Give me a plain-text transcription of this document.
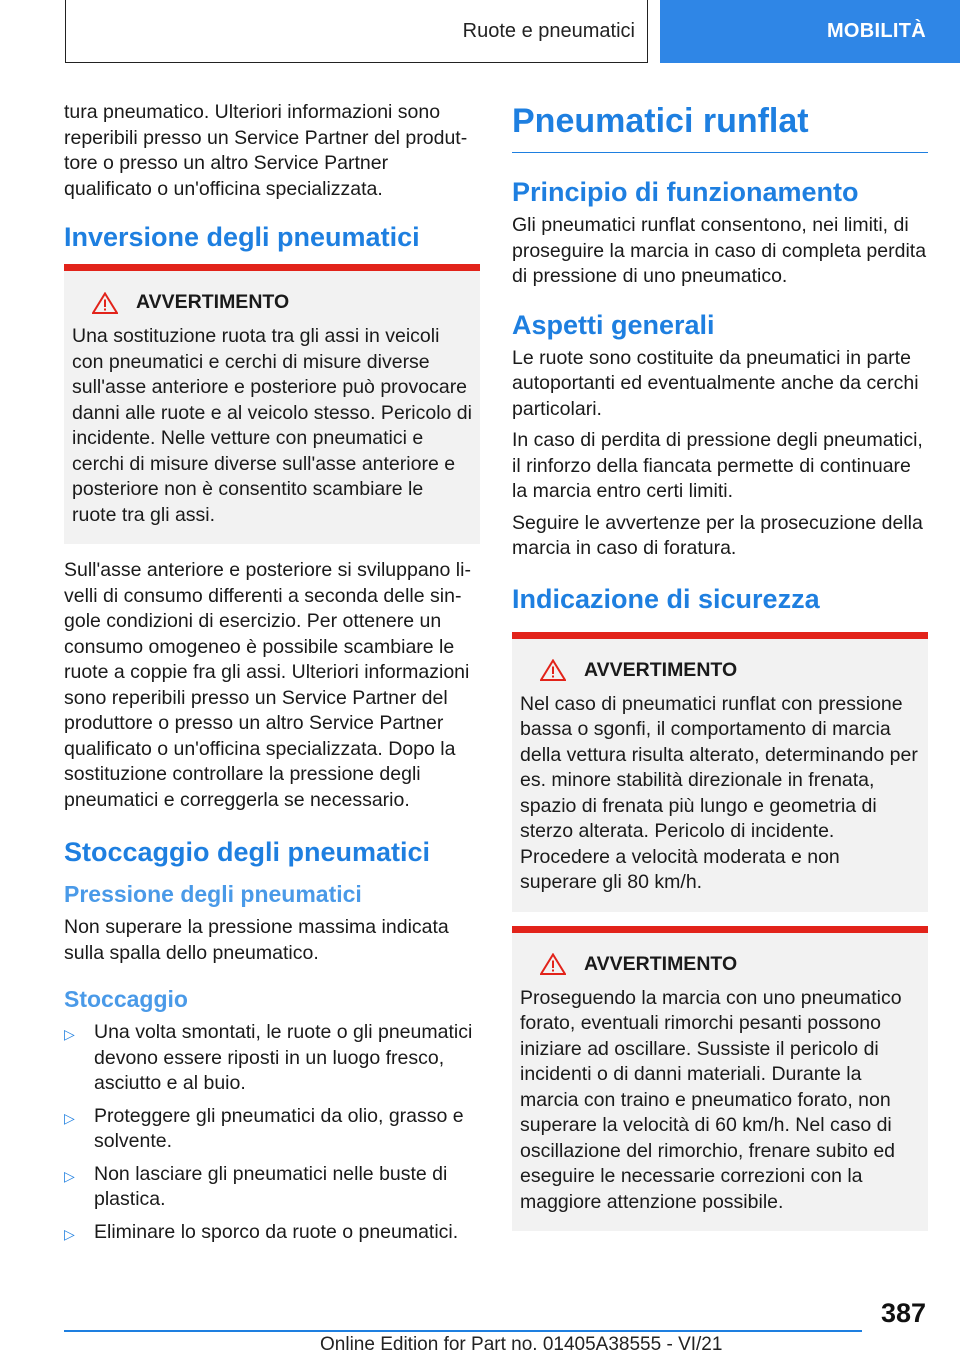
Ruote e pneumatici	MOBILITÀ

tura pneumatico. Ulteriori informazioni sono reperibili presso un Service Partner del produttore o presso un altro Service Partner qualificato o un'officina specializzata.

Inversione degli pneumatici
AVVERTIMENTO

Una sostituzione ruota tra gli assi in veicoli con pneumatici e cerchi di misure diverse sull'asse anteriore e posteriore può provocare danni alle ruote e al veicolo stesso. Pericolo di incidente. Nelle vetture con pneumatici e cerchi di misure diverse sull'asse anteriore e posteriore non è consentito scambiare le ruote tra gli assi.

Sull'asse anteriore e posteriore si sviluppano livelli di consumo differenti a seconda delle singole condizioni di esercizio. Per ottenere un consumo omogeneo è possibile scambiare le ruote a coppie fra gli assi. Ulteriori informazioni sono reperibili presso un Service Partner del produttore o presso un altro Service Partner qualificato o un'officina specializzata. Dopo la sostituzione controllare la pressione degli pneumatici e correggerla se necessario.

Stoccaggio degli pneumatici
Pressione degli pneumatici

Non superare la pressione massima indicata sulla spalla dello pneumatico.

Stoccaggio
▷ Una volta smontati, le ruote o gli pneumatici devono essere riposti in un luogo fresco, asciutto e al buio.
▷ Proteggere gli pneumatici da olio, grasso e solvente.
▷ Non lasciare gli pneumatici nelle buste di plastica.
▷ Eliminare lo sporco da ruote o pneumatici.
Pneumatici runflat
Principio di funzionamento

Gli pneumatici runflat consentono, nei limiti, di proseguire la marcia in caso di completa perdita di pressione di uno pneumatico.

Aspetti generali

Le ruote sono costituite da pneumatici in parte autoportanti ed eventualmente anche da cerchi particolari.

In caso di perdita di pressione degli pneumatici, il rinforzo della fiancata permette di continuare la marcia entro certi limiti.

Seguire le avvertenze per la prosecuzione della marcia in caso di foratura.

Indicazione di sicurezza
AVVERTIMENTO

Nel caso di pneumatici runflat con pressione bassa o sgonfi, il comportamento di marcia della vettura risulta alterato, determinando per es. minore stabilità direzionale in frenata, spazio di frenata più lungo e geometria di sterzo alterata. Pericolo di incidente. Procedere a velocità moderata e non superare gli 80 km/h.

AVVERTIMENTO

Proseguendo la marcia con uno pneumatico forato, eventuali rimorchi pesanti possono iniziare ad oscillare. Sussiste il pericolo di incidenti o di danni materiali. Durante la marcia con traino e pneumatico forato, non superare la velocità di 60 km/h. Nel caso di oscillazione del rimorchio, frenare subito ed eseguire le necessarie correzioni con la maggiore attenzione possibile.

387
Online Edition for Part no. 01405A38555 - VI/21
